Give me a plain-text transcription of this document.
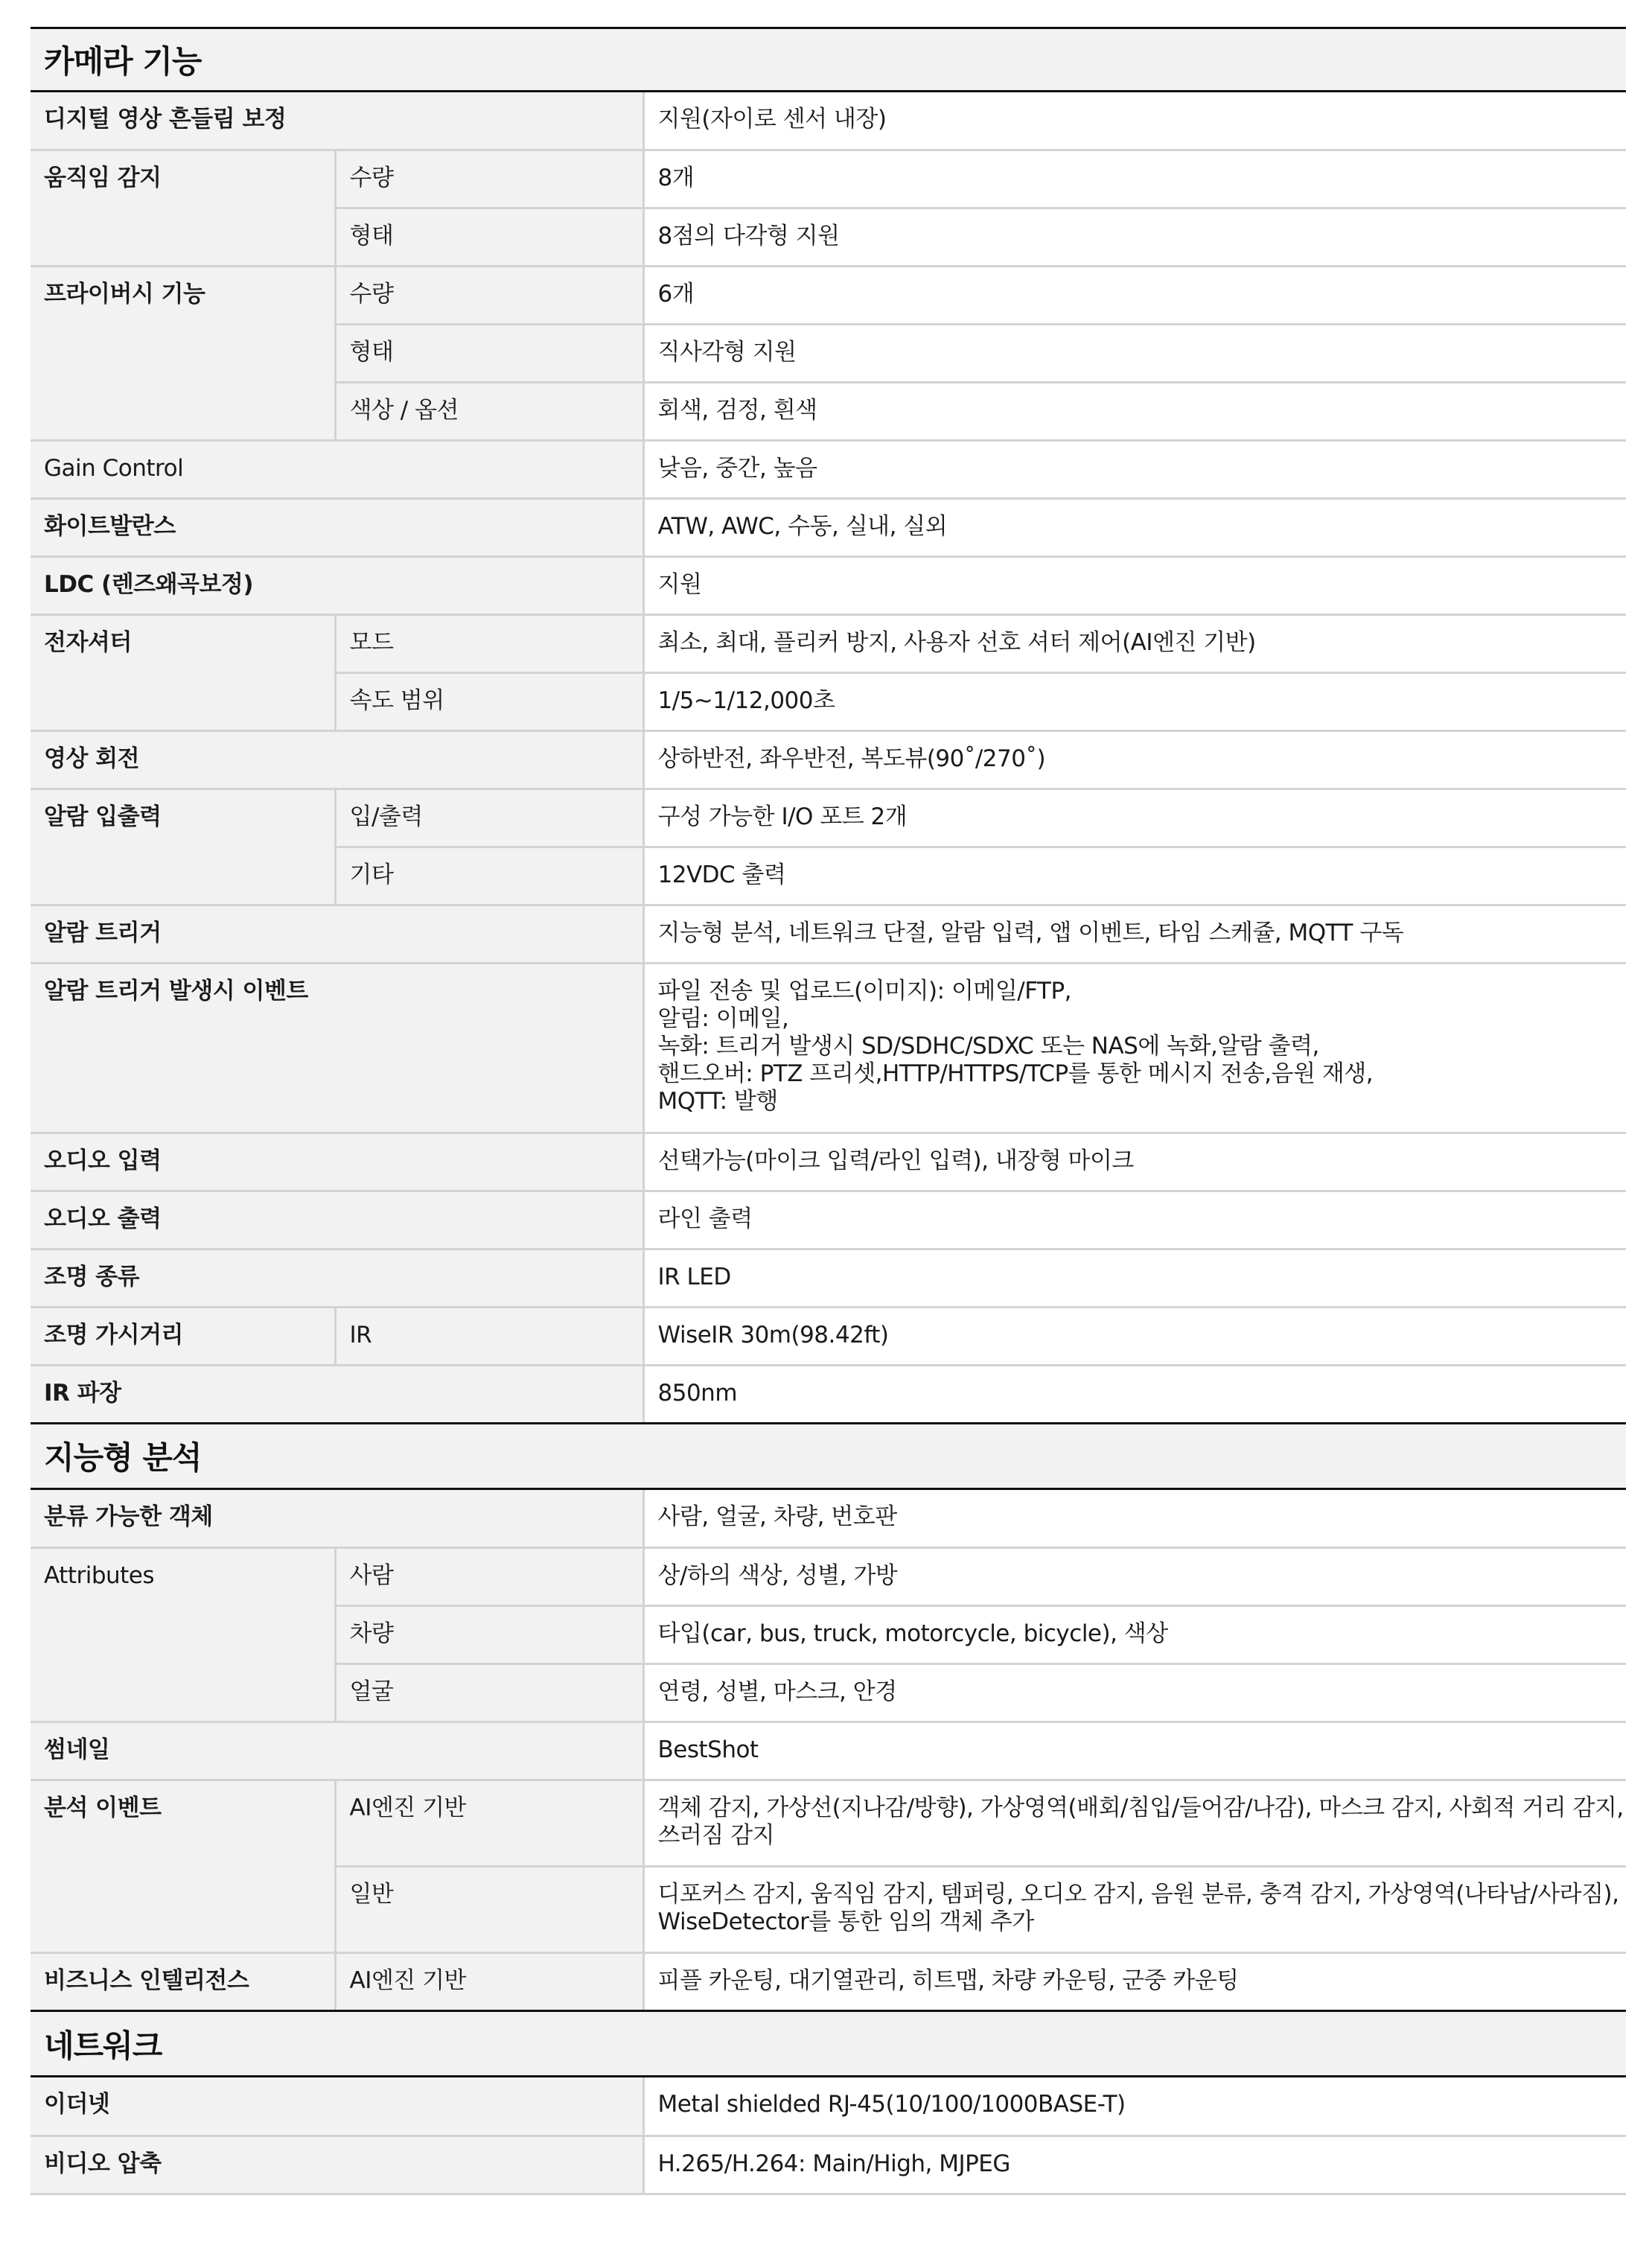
카메라 기능
디지털 영상 흔들림 보정		지원(자이로 센서 내장)
움직임 감지	수량	8개
	형태	8점의 다각형 지원
프라이버시 기능	수량	6개
	형태	직사각형 지원
	색상 / 옵션	회색, 검정, 흰색
Gain Control		낮음, 중간, 높음
화이트발란스		ATW, AWC, 수동, 실내, 실외
LDC (렌즈왜곡보정)		지원
전자셔터	모드	최소, 최대, 플리커 방지, 사용자 선호 셔터 제어(AI엔진 기반)
	속도 범위	1/5~1/12,000초
영상 회전		상하반전, 좌우반전, 복도뷰(90˚/270˚)
알람 입출력	입/출력	구성 가능한 I/O 포트 2개
	기타	12VDC 출력
알람 트리거		지능형 분석, 네트워크 단절, 알람 입력, 앱 이벤트, 타임 스케쥴, MQTT 구독
알람 트리거 발생시 이벤트		파일 전송 및 업로드(이미지): 이메일/FTP,
알림: 이메일,
녹화: 트리거 발생시 SD/SDHC/SDXC 또는 NAS에 녹화,알람 출력,
핸드오버: PTZ 프리셋,HTTP/HTTPS/TCP를 통한 메시지 전송,음원 재생,
MQTT: 발행

오디오 입력		선택가능(마이크 입력/라인 입력), 내장형 마이크
오디오 출력		라인 출력
조명 종류		IR LED
조명 가시거리	IR	WiseIR 30m(98.42ft)
IR 파장		850nm
지능형 분석
분류 가능한 객체		사람, 얼굴, 차량, 번호판
Attributes	사람	상/하의 색상, 성별, 가방
	차량	타입(car, bus, truck, motorcycle, bicycle), 색상
	얼굴	연령, 성별, 마스크, 안경
썸네일		BestShot
분석 이벤트	AI엔진 기반	객체 감지, 가상선(지나감/방향), 가상영역(배회/침입/들어감/나감), 마스크 감지, 사회적 거리 감지,
쓰러짐 감지

	일반	디포커스 감지, 움직임 감지, 템퍼링, 오디오 감지, 음원 분류, 충격 감지, 가상영역(나타남/사라짐),
WiseDetector를 통한 임의 객체 추가

비즈니스 인텔리전스	AI엔진 기반	피플 카운팅, 대기열관리, 히트맵, 차량 카운팅, 군중 카운팅
네트워크
이더넷	Metal shielded RJ-45(10/100/1000BASE-T)
비디오 압축	H.265/H.264: Main/High, MJPEG
